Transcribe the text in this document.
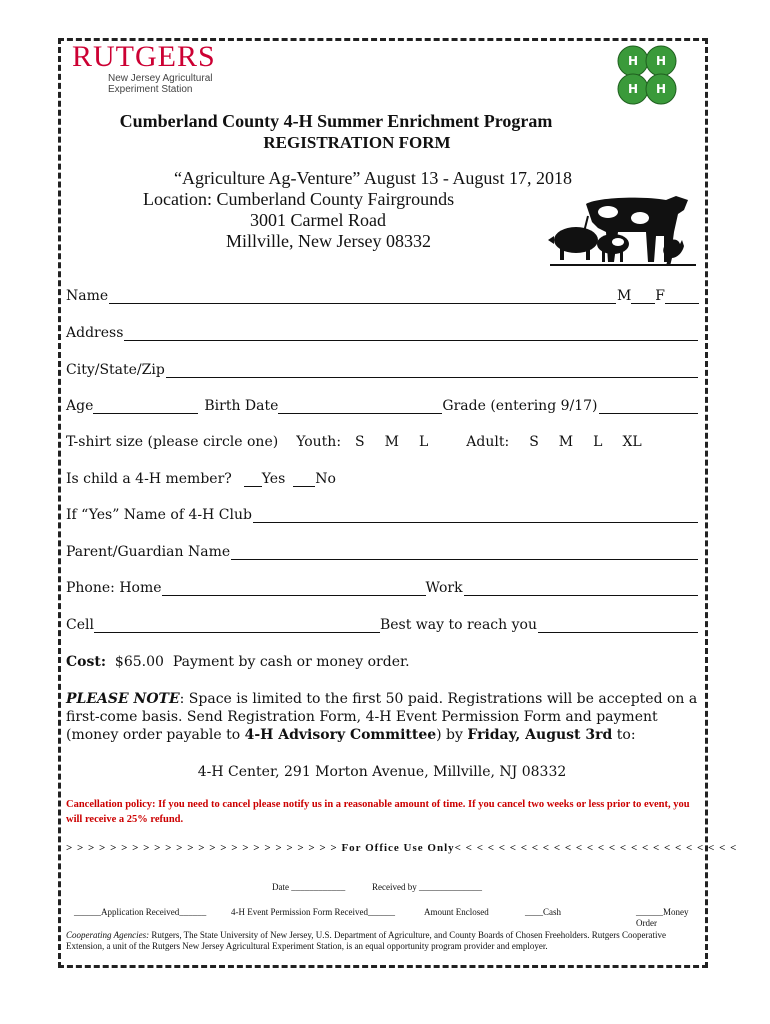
RUTGERS
New Jersey Agricultural
Experiment Station
H H
H H
Cumberland County 4-H Summer Enrichment Program
REGISTRATION FORM
“Agriculture Ag-Venture” August 13 - August 17, 2018
Location: Cumberland County Fairgrounds
3001 Carmel Road
Millville, New Jersey 08332
Name	M F
Address
City/State/Zip
Age	Birth Date	Grade (entering 9/17)
T-shirt size (please circle one) Youth: S M L	Adult: S M L XL
Is child a 4-H member? Yes No
If “Yes” Name of 4-H Club
Parent/Guardian Name
Phone: Home	Work
Cell	Best way to reach you
Cost: $65.00 Payment by cash or money order.
PLEASE NOTE: Space is limited to the first 50 paid. Registrations will be accepted on a first-come basis. Send Registration Form, 4-H Event Permission Form and payment (money order payable to 4-H Advisory Committee) by Friday, August 3rd to:
4-H Center, 291 Morton Avenue, Millville, NJ 08332
Cancellation policy: If you need to cancel please notify us in a reasonable amount of time. If you cancel two weeks or less prior to event, you will receive a 25% refund.
> > > > > > > > > > > > > > > > > > > > > > > > > For Office Use Only< < < < < < < < < < < < < < < < < < < < < < < < < <
Date ____________	Received by ______________
______Application Received______	4-H Event Permission Form Received______	Amount Enclosed	____Cash	______Money Order
Cooperating Agencies: Rutgers, The State University of New Jersey, U.S. Department of Agriculture, and County Boards of Chosen Freeholders. Rutgers Cooperative Extension, a unit of the Rutgers New Jersey Agricultural Experiment Station, is an equal opportunity program provider and employer.
